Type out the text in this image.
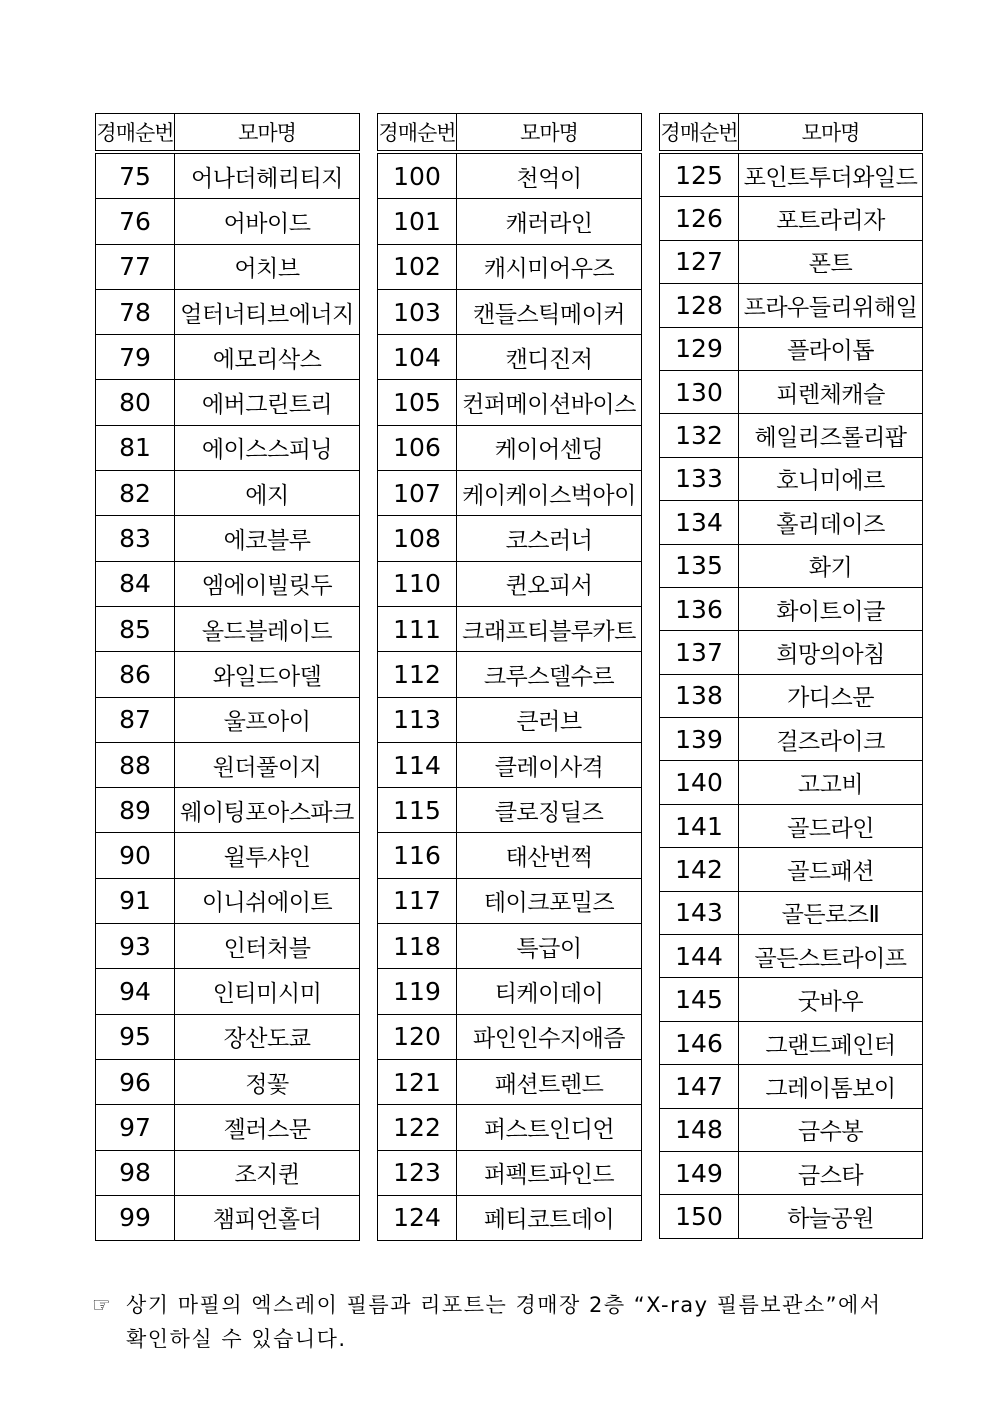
경매순번	모마명
75	어나더헤리티지
76	어바이드
77	어치브
78	얼터너티브에너지
79	에모리삭스
80	에버그린트리
81	에이스스피닝
82	에지
83	에코블루
84	엠에이빌릿두
85	올드블레이드
86	와일드아델
87	울프아이
88	원더풀이지
89	웨이팅포아스파크
90	윌투샤인
91	이니쉬에이트
93	인터처블
94	인티미시미
95	장산도쿄
96	정꽃
97	젤러스문
98	조지퀸
99	챔피언홀더
경매순번	모마명
100	천억이
101	캐러라인
102	캐시미어우즈
103	캔들스틱메이커
104	캔디진저
105	컨퍼메이션바이스
106	케이어센딩
107	케이케이스벅아이
108	코스러너
110	퀸오피서
111	크래프티블루카트
112	크루스델수르
113	큰러브
114	클레이사격
115	클로징딜즈
116	태산번쩍
117	테이크포밀즈
118	특급이
119	티케이데이
120	파인인수지애즘
121	패션트렌드
122	퍼스트인디언
123	퍼펙트파인드
124	페티코트데이
경매순번	모마명
125	포인트투더와일드
126	포트라리자
127	폰트
128	프라우들리위해일
129	플라이톱
130	피렌체캐슬
132	헤일리즈롤리팝
133	호니미에르
134	홀리데이즈
135	화기
136	화이트이글
137	희망의아침
138	가디스문
139	걸즈라이크
140	고고비
141	골드라인
142	골드패션
143	골든로즈Ⅱ
144	골든스트라이프
145	굿바우
146	그랜드페인터
147	그레이톰보이
148	금수봉
149	금스타
150	하늘공원
☞ 상기 마필의 엑스레이 필름과 리포트는 경매장 2층 “X-ray 필름보관소”에서
확인하실 수 있습니다.
